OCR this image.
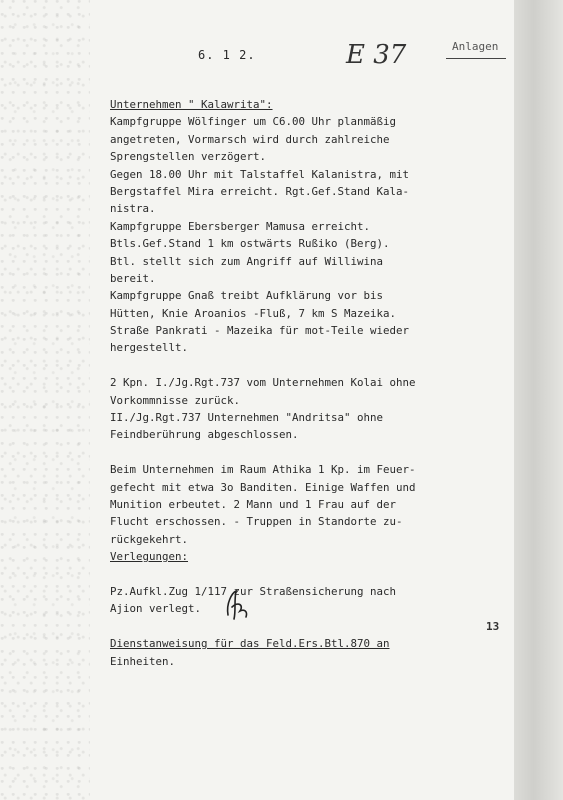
6. 1 2.	E 37	Anlagen
Unternehmen " Kalawrita":
Kampfgruppe Wölfinger um C6.00 Uhr planmäßig
angetreten, Vormarsch wird durch zahlreiche
Sprengstellen verzögert.
Gegen 18.00 Uhr mit Talstaffel Kalanistra, mit
Bergstaffel Mira erreicht. Rgt.Gef.Stand Kala-
nistra.
Kampfgruppe Ebersberger Mamusa erreicht.
Btls.Gef.Stand 1 km ostwärts Rußiko (Berg).
Btl. stellt sich zum Angriff auf Williwina
bereit.
Kampfgruppe Gnaß treibt Aufklärung vor bis
Hütten, Knie Aroanios -Fluß, 7 km S Mazeika.
Straße Pankrati - Mazeika für mot-Teile wieder
hergestellt.
2 Kpn. I./Jg.Rgt.737 vom Unternehmen Kolai ohne
Vorkommnisse zurück.
II./Jg.Rgt.737 Unternehmen "Andritsa" ohne
Feindberührung abgeschlossen.
Beim Unternehmen im Raum Athika 1 Kp. im Feuer-
gefecht mit etwa 3o Banditen. Einige Waffen und
Munition erbeutet. 2 Mann und 1 Frau auf der
Flucht erschossen. - Truppen in Standorte zu-
rückgekehrt.
Verlegungen:
Pz.Aufkl.Zug 1/117 zur Straßensicherung nach
Ajion verlegt.
Dienstanweisung für das Feld.Ers.Btl.870 an
Einheiten.
13
